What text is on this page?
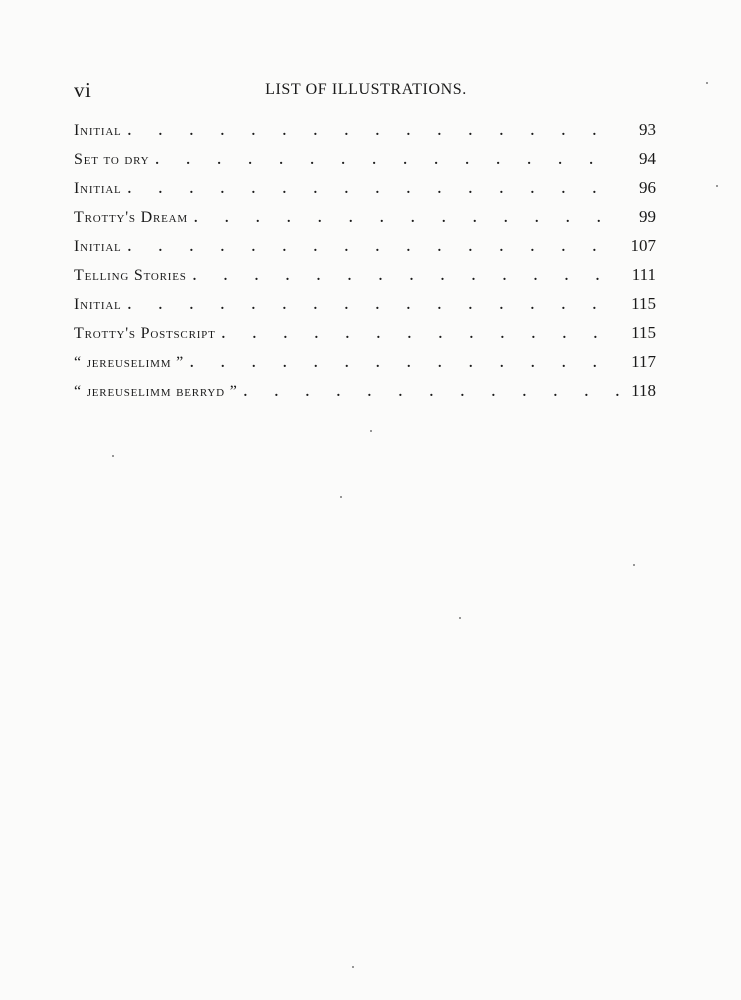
vi	LIST OF ILLUSTRATIONS.
Initial . . .	93
Set to dry . . .	94
Initial . . .	96
Trotty's Dream . . .	99
Initial . . .	107
Telling Stories . . .	111
Initial . . .	115
Trotty's Postscript . . .	115
“ jereuselimm ” . . .	117
“ jereuselimm berryd ” . . .	118
